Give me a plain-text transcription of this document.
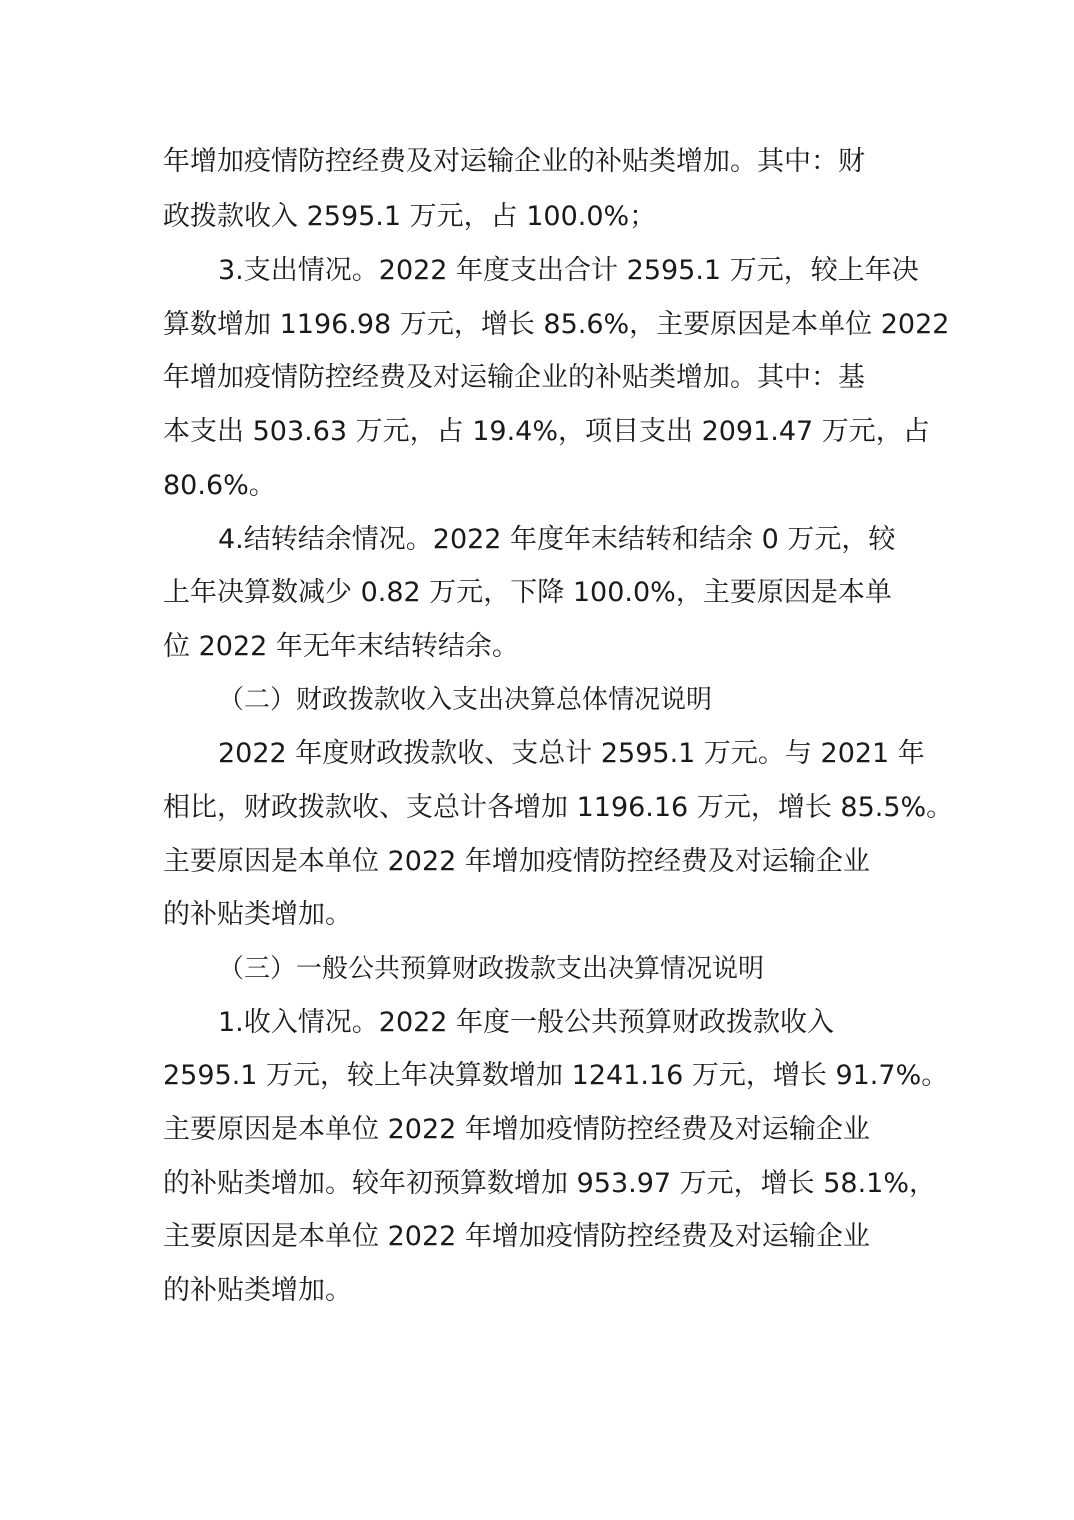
年增加疫情防控经费及对运输企业的补贴类增加。其中：财
政拨款收入 2595.1 万元，占 100.0%；
3.支出情况。2022 年度支出合计 2595.1 万元，较上年决
算数增加 1196.98 万元，增长 85.6%，主要原因是本单位 2022
年增加疫情防控经费及对运输企业的补贴类增加。其中：基
本支出 503.63 万元，占 19.4%，项目支出 2091.47 万元，占
80.6%。
4.结转结余情况。2022 年度年末结转和结余 0 万元，较
上年决算数减少 0.82 万元，下降 100.0%，主要原因是本单
位 2022 年无年末结转结余。
（二）财政拨款收入支出决算总体情况说明
2022 年度财政拨款收、支总计 2595.1 万元。与 2021 年
相比，财政拨款收、支总计各增加 1196.16 万元，增长 85.5%。
主要原因是本单位 2022 年增加疫情防控经费及对运输企业
的补贴类增加。
（三）一般公共预算财政拨款支出决算情况说明
1.收入情况。2022 年度一般公共预算财政拨款收入
2595.1 万元，较上年决算数增加 1241.16 万元，增长 91.7%。
主要原因是本单位 2022 年增加疫情防控经费及对运输企业
的补贴类增加。较年初预算数增加 953.97 万元，增长 58.1%，
主要原因是本单位 2022 年增加疫情防控经费及对运输企业
的补贴类增加。
